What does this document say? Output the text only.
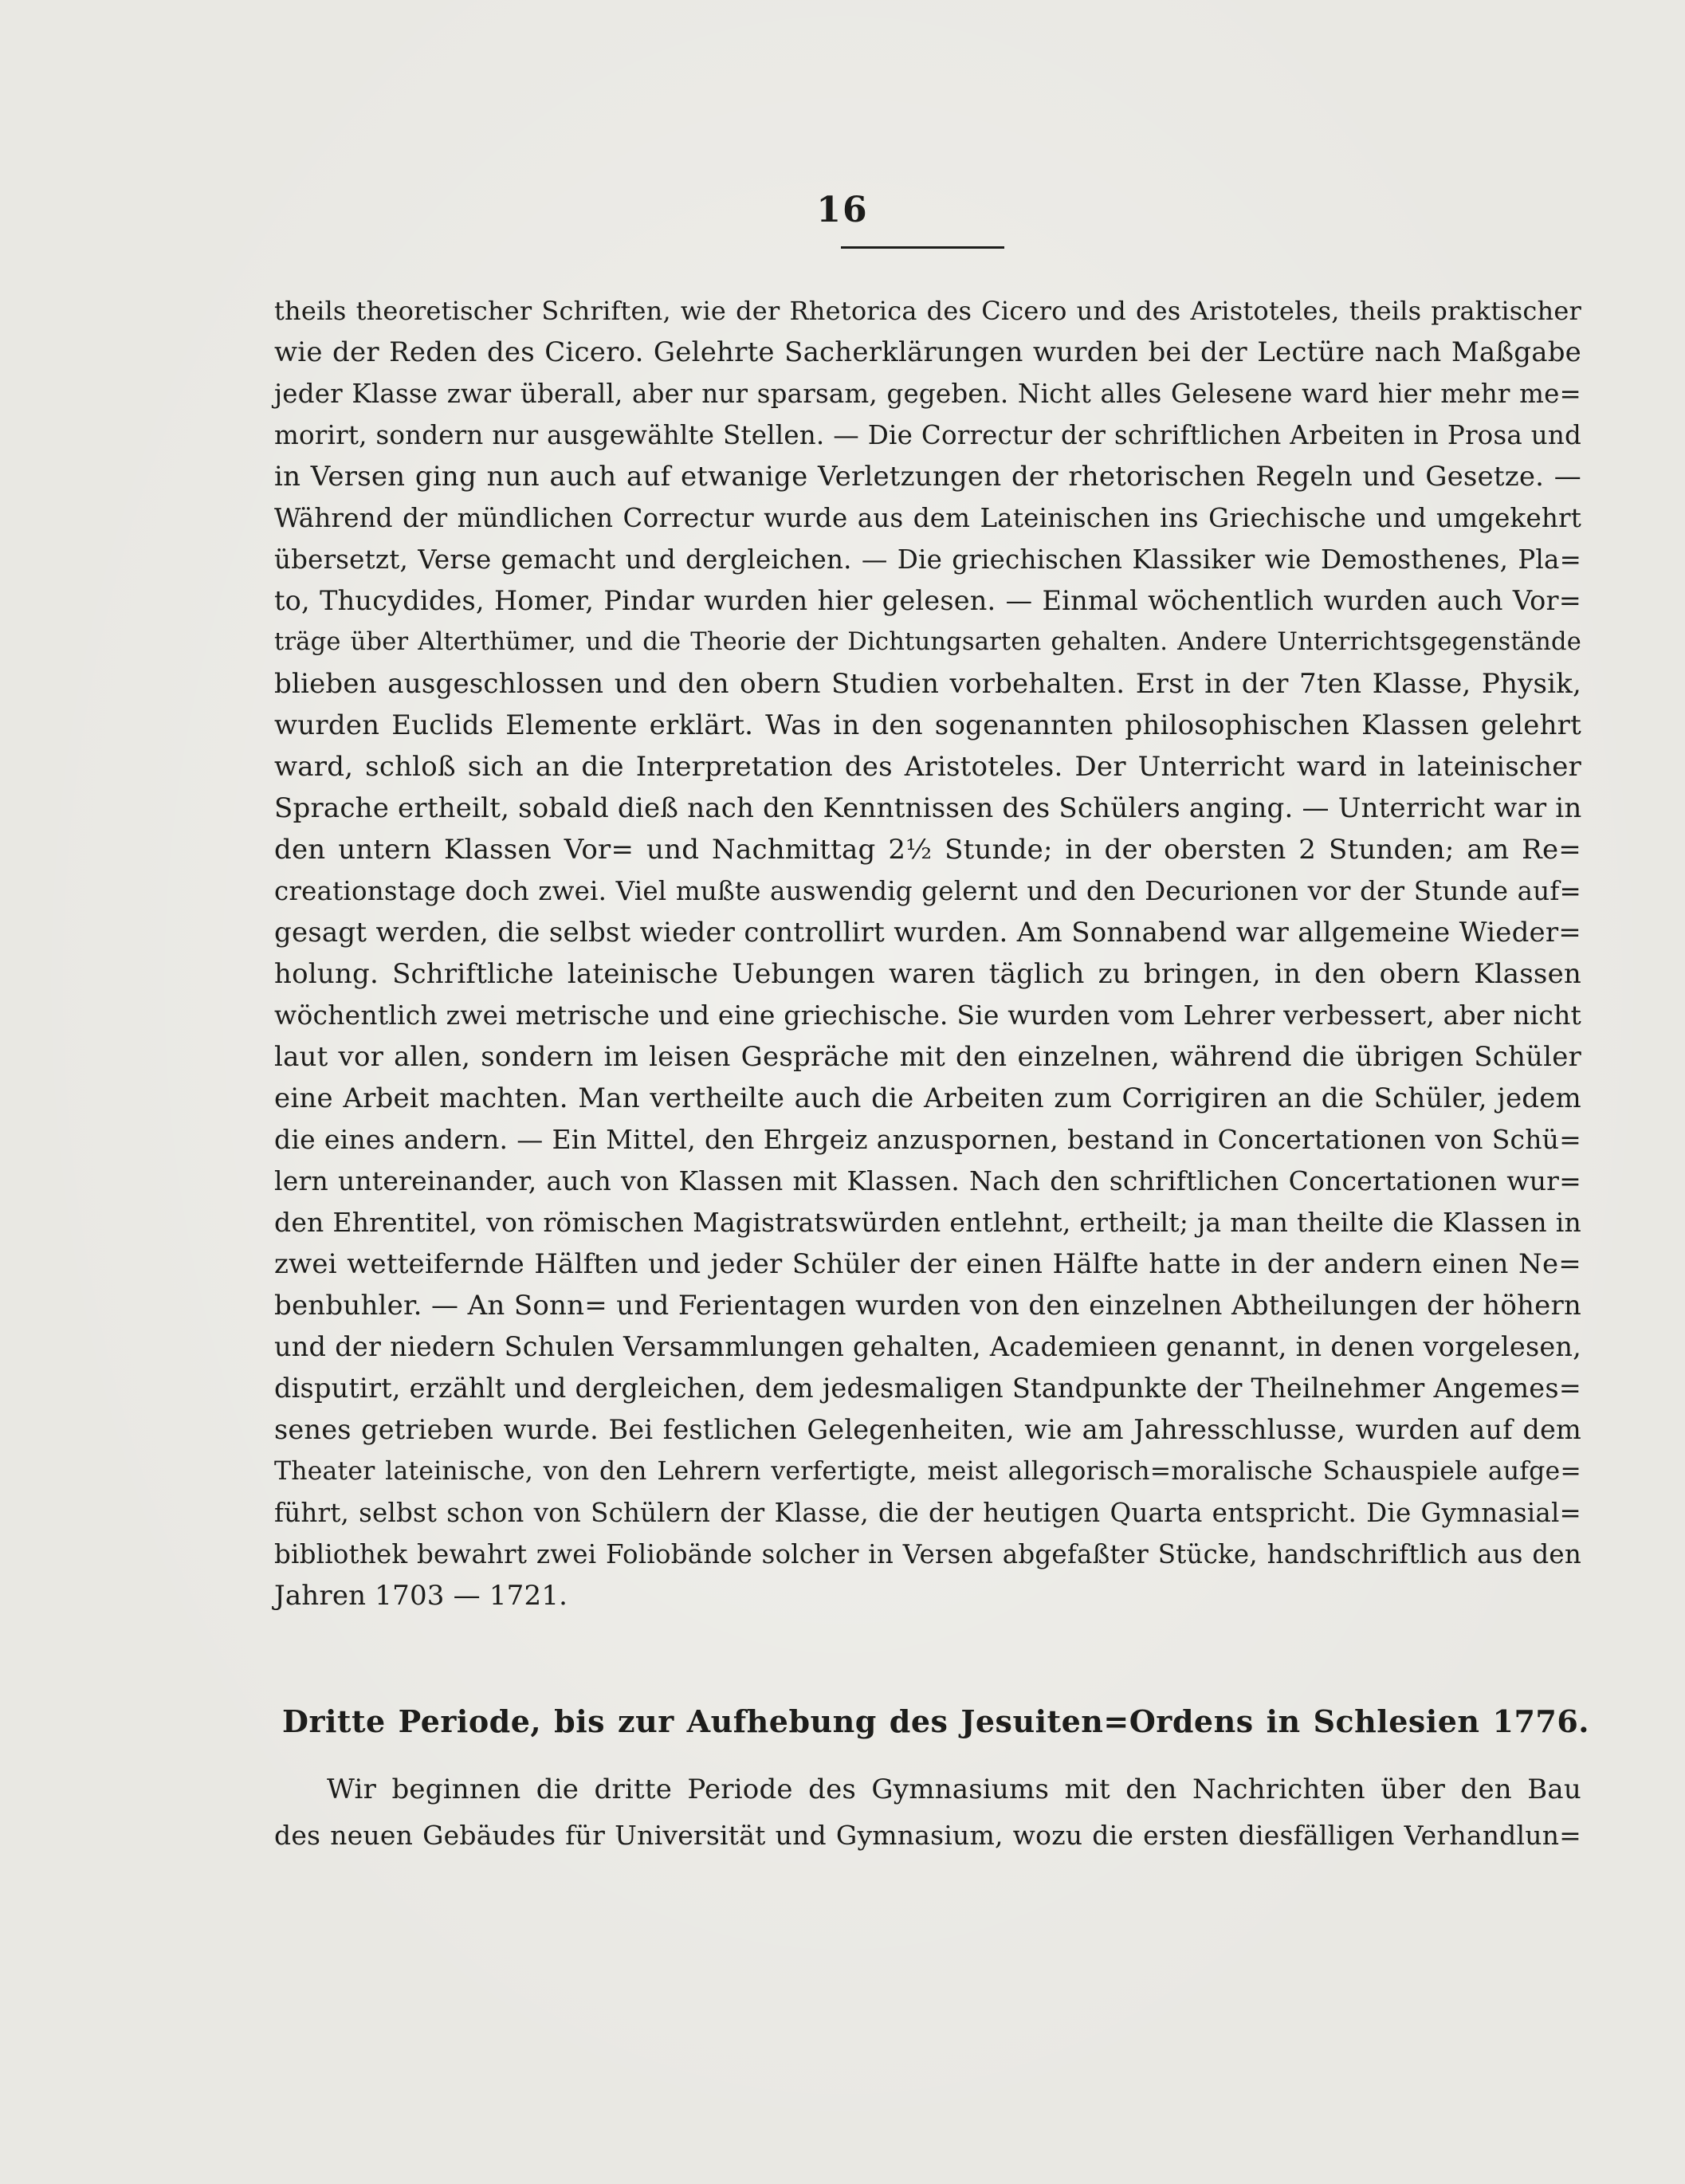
16
theils theoretischer Schriften, wie der Rhetorica des Cicero und des Aristoteles, theils praktischer
wie der Reden des Cicero. Gelehrte Sacherklärungen wurden bei der Lectüre nach Maßgabe
jeder Klasse zwar überall, aber nur sparsam, gegeben. Nicht alles Gelesene ward hier mehr me=
morirt, sondern nur ausgewählte Stellen. — Die Correctur der schriftlichen Arbeiten in Prosa und
in Versen ging nun auch auf etwanige Verletzungen der rhetorischen Regeln und Gesetze. —
Während der mündlichen Correctur wurde aus dem Lateinischen ins Griechische und umgekehrt
übersetzt, Verse gemacht und dergleichen. — Die griechischen Klassiker wie Demosthenes, Pla=
to, Thucydides, Homer, Pindar wurden hier gelesen. — Einmal wöchentlich wurden auch Vor=
träge über Alterthümer, und die Theorie der Dichtungsarten gehalten. Andere Unterrichtsgegenstände
blieben ausgeschlossen und den obern Studien vorbehalten. Erst in der 7ten Klasse, Physik,
wurden Euclids Elemente erklärt. Was in den sogenannten philosophischen Klassen gelehrt
ward, schloß sich an die Interpretation des Aristoteles. Der Unterricht ward in lateinischer
Sprache ertheilt, sobald dieß nach den Kenntnissen des Schülers anging. — Unterricht war in
den untern Klassen Vor= und Nachmittag 2½ Stunde; in der obersten 2 Stunden; am Re=
creationstage doch zwei. Viel mußte auswendig gelernt und den Decurionen vor der Stunde auf=
gesagt werden, die selbst wieder controllirt wurden. Am Sonnabend war allgemeine Wieder=
holung. Schriftliche lateinische Uebungen waren täglich zu bringen, in den obern Klassen
wöchentlich zwei metrische und eine griechische. Sie wurden vom Lehrer verbessert, aber nicht
laut vor allen, sondern im leisen Gespräche mit den einzelnen, während die übrigen Schüler
eine Arbeit machten. Man vertheilte auch die Arbeiten zum Corrigiren an die Schüler, jedem
die eines andern. — Ein Mittel, den Ehrgeiz anzuspornen, bestand in Concertationen von Schü=
lern untereinander, auch von Klassen mit Klassen. Nach den schriftlichen Concertationen wur=
den Ehrentitel, von römischen Magistratswürden entlehnt, ertheilt; ja man theilte die Klassen in
zwei wetteifernde Hälften und jeder Schüler der einen Hälfte hatte in der andern einen Ne=
benbuhler. — An Sonn= und Ferientagen wurden von den einzelnen Abtheilungen der höhern
und der niedern Schulen Versammlungen gehalten, Academieen genannt, in denen vorgelesen,
disputirt, erzählt und dergleichen, dem jedesmaligen Standpunkte der Theilnehmer Angemes=
senes getrieben wurde. Bei festlichen Gelegenheiten, wie am Jahresschlusse, wurden auf dem
Theater lateinische, von den Lehrern verfertigte, meist allegorisch=moralische Schauspiele aufge=
führt, selbst schon von Schülern der Klasse, die der heutigen Quarta entspricht. Die Gymnasial=
bibliothek bewahrt zwei Foliobände solcher in Versen abgefaßter Stücke, handschriftlich aus den
Jahren 1703 — 1721.
Dritte Periode, bis zur Aufhebung des Jesuiten=Ordens in Schlesien 1776.
Wir beginnen die dritte Periode des Gymnasiums mit den Nachrichten über den Bau
des neuen Gebäudes für Universität und Gymnasium, wozu die ersten diesfälligen Verhandlun=
